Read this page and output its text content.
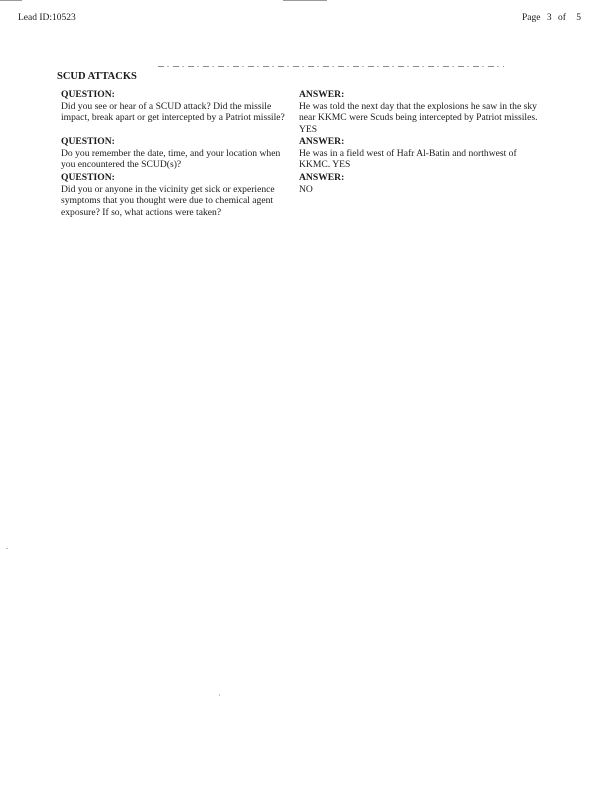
Lead ID:10523	Page 3 of 5
SCUD ATTACKS
QUESTION:
Did you see or hear of a SCUD attack? Did the missile impact, break apart or get intercepted by a Patriot missile?
ANSWER:
He was told the next day that the explosions he saw in the sky near KKMC were Scuds being intercepted by Patriot missiles. YES
QUESTION:
Do you remember the date, time, and your location when you encountered the SCUD(s)?
ANSWER:
He was in a field west of Hafr Al-Batin and northwest of KKMC. YES
QUESTION:
Did you or anyone in the vicinity get sick or experience symptoms that you thought were due to chemical agent exposure? If so, what actions were taken?
ANSWER:
NO
